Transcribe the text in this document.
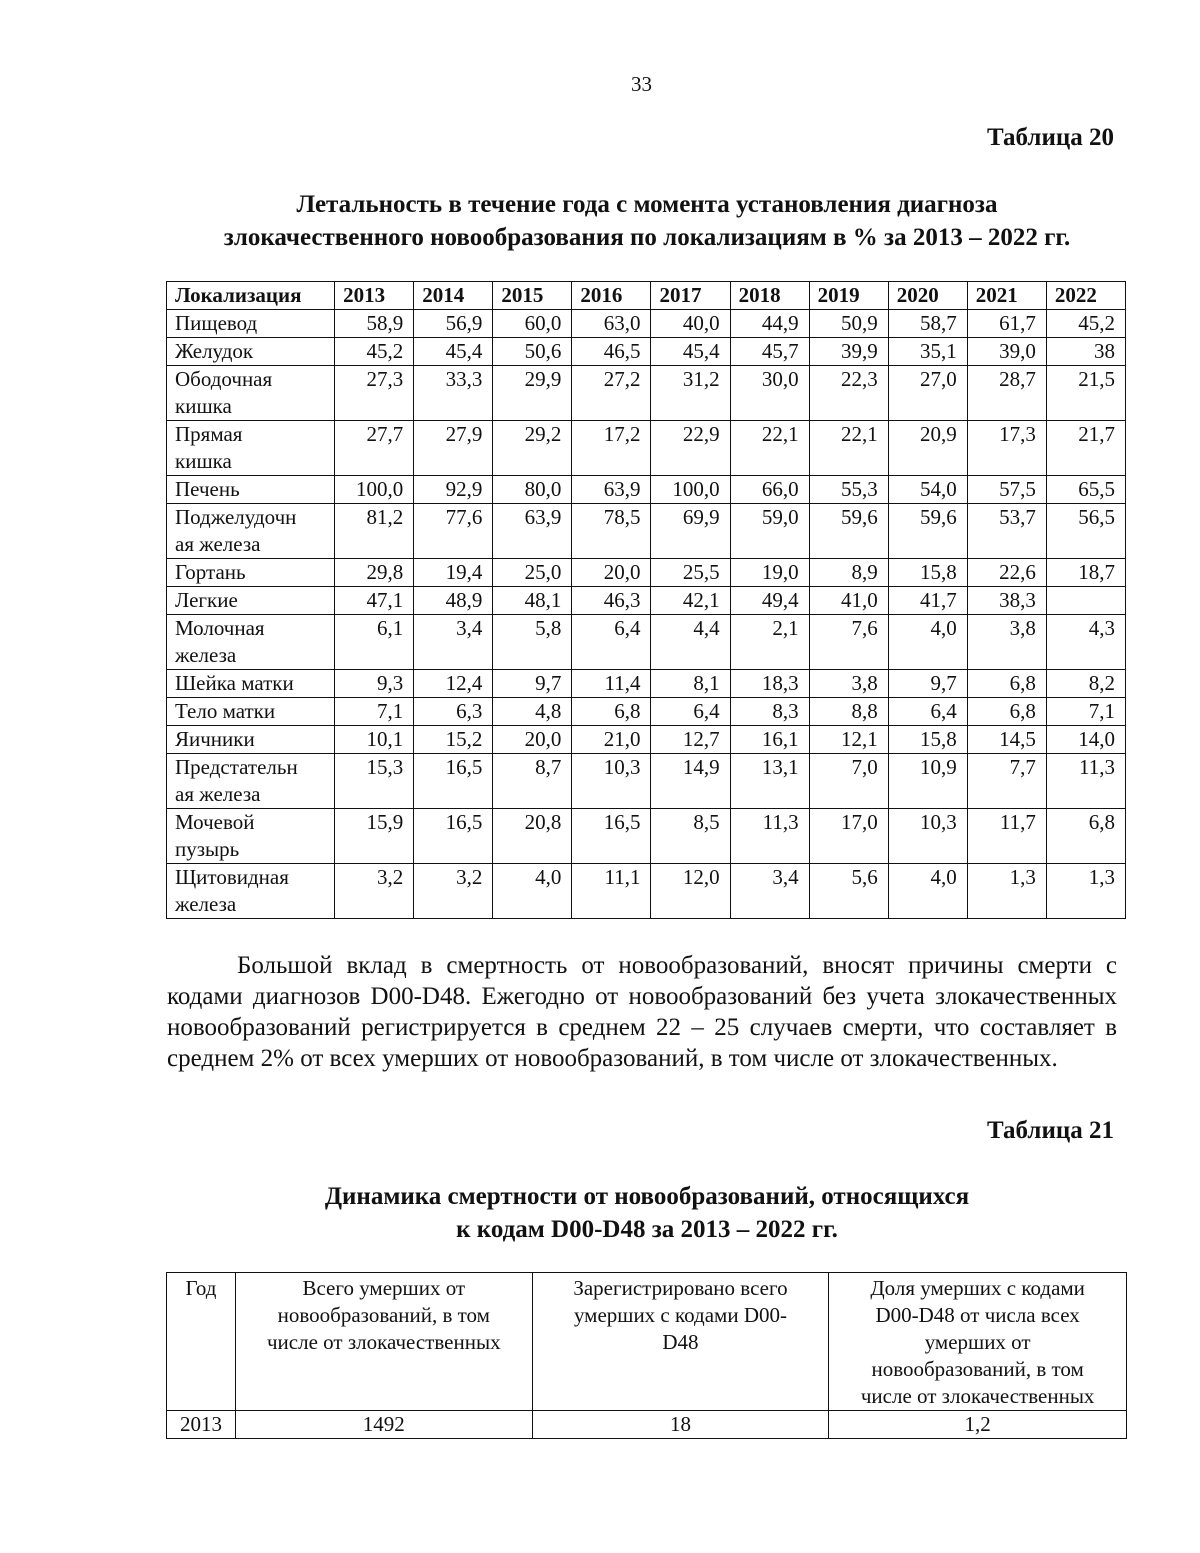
33
Таблица 20
Летальность в течение года с момента установления диагноза
злокачественного новообразования по локализациям в % за 2013 – 2022 гг.
Локализация	2013	2014	2015	2016	2017	2018	2019	2020	2021	2022
Пищевод	58,9	56,9	60,0	63,0	40,0	44,9	50,9	58,7	61,7	45,2
Желудок	45,2	45,4	50,6	46,5	45,4	45,7	39,9	35,1	39,0	38
Ободочная
кишка	27,3	33,3	29,9	27,2	31,2	30,0	22,3	27,0	28,7	21,5
Прямая
кишка	27,7	27,9	29,2	17,2	22,9	22,1	22,1	20,9	17,3	21,7
Печень	100,0	92,9	80,0	63,9	100,0	66,0	55,3	54,0	57,5	65,5
Поджелудочн
ая железа	81,2	77,6	63,9	78,5	69,9	59,0	59,6	59,6	53,7	56,5
Гортань	29,8	19,4	25,0	20,0	25,5	19,0	8,9	15,8	22,6	18,7
Легкие	47,1	48,9	48,1	46,3	42,1	49,4	41,0	41,7	38,3	
Молочная
железа	6,1	3,4	5,8	6,4	4,4	2,1	7,6	4,0	3,8	4,3
Шейка матки	9,3	12,4	9,7	11,4	8,1	18,3	3,8	9,7	6,8	8,2
Тело матки	7,1	6,3	4,8	6,8	6,4	8,3	8,8	6,4	6,8	7,1
Яичники	10,1	15,2	20,0	21,0	12,7	16,1	12,1	15,8	14,5	14,0
Предстательн
ая железа	15,3	16,5	8,7	10,3	14,9	13,1	7,0	10,9	7,7	11,3
Мочевой
пузырь	15,9	16,5	20,8	16,5	8,5	11,3	17,0	10,3	11,7	6,8
Щитовидная
железа	3,2	3,2	4,0	11,1	12,0	3,4	5,6	4,0	1,3	1,3

Большой вклад в смертность от новообразований, вносят причины смерти с кодами диагнозов D00-D48. Ежегодно от новообразований без учета злокачественных новообразований регистрируется в среднем 22 – 25 случаев смерти, что составляет в среднем 2% от всех умерших от новообразований, в том числе от злокачественных.

Таблица 21
Динамика смертности от новообразований, относящихся
к кодам D00-D48 за 2013 – 2022 гг.
Год	Всего умерших от
новообразований, в том
числе от злокачественных	Зарегистрировано всего
умерших с кодами D00-
D48	Доля умерших с кодами
D00-D48 от числа всех
умерших от
новообразований, в том
числе от злокачественных
2013	1492	18	1,2
